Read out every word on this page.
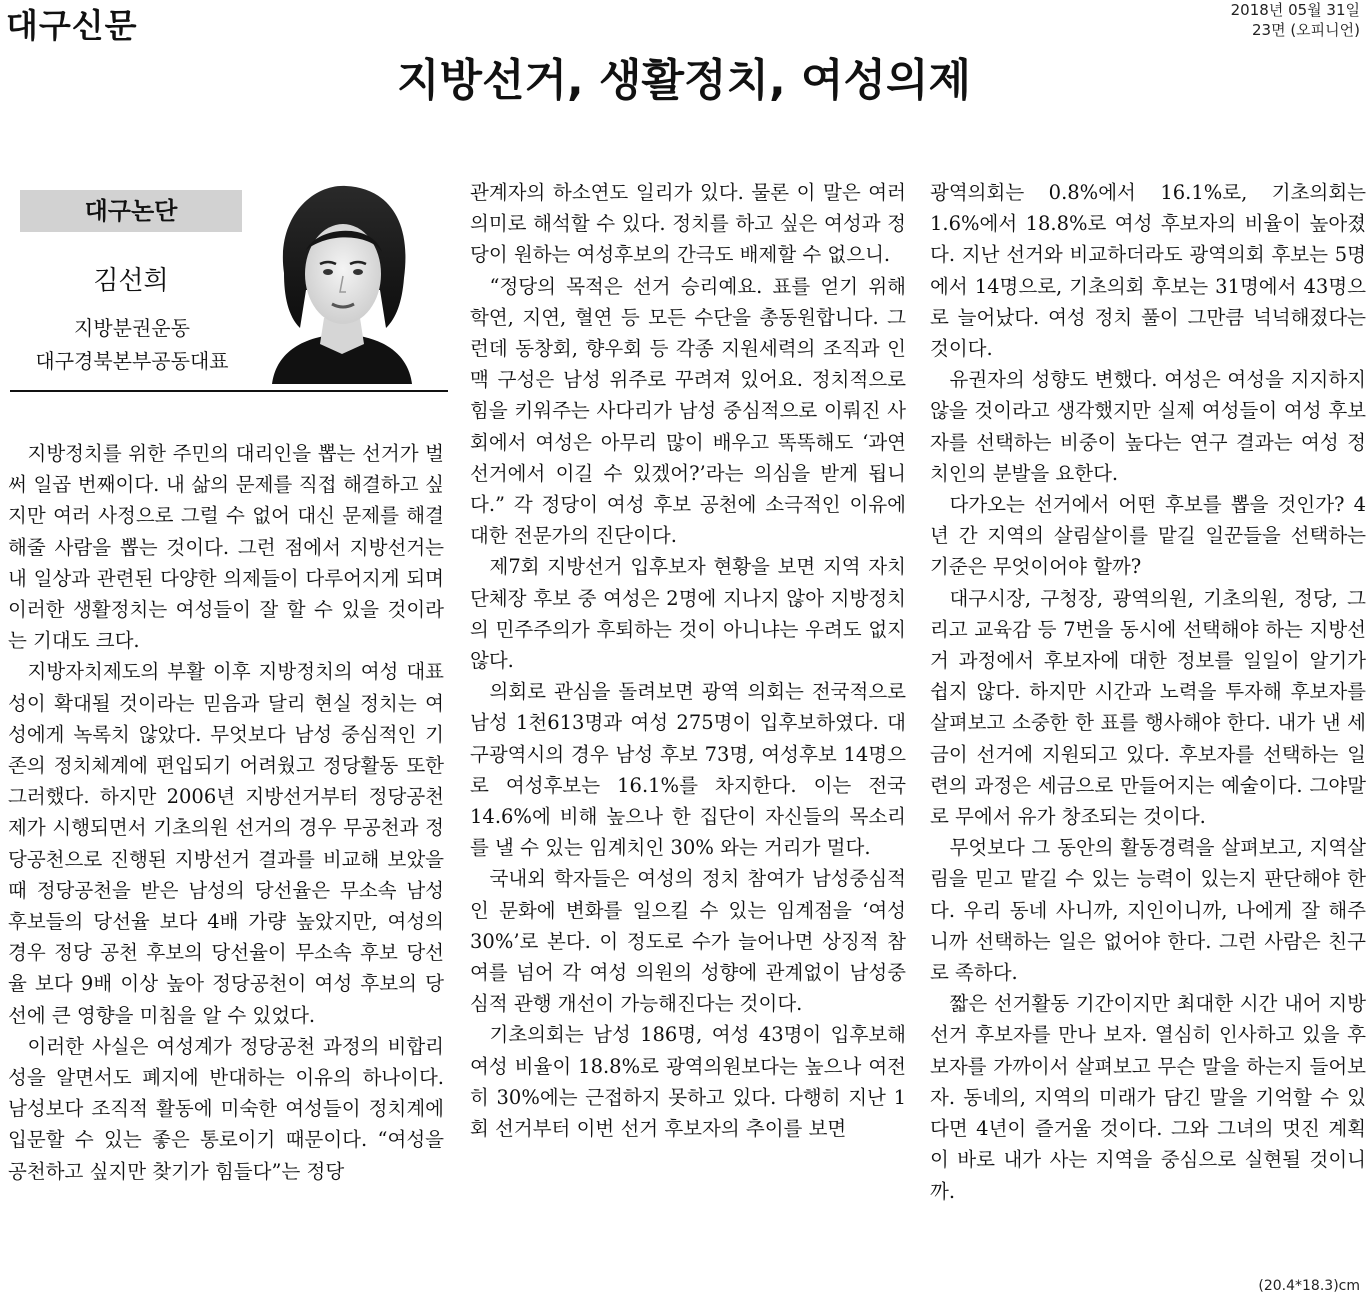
대구신문	2018년 05월 31일
23면 (오피니언)
지방선거, 생활정치, 여성의제
대구논단
김선희
지방분권운동
대구경북본부공동대표

지방정치를 위한 주민의 대리인을 뽑는 선거가 벌써 일곱 번째이다. 내 삶의 문제를 직접 해결하고 싶지만 여러 사정으로 그럴 수 없어 대신 문제를 해결해줄 사람을 뽑는 것이다. 그런 점에서 지방선거는 내 일상과 관련된 다양한 의제들이 다루어지게 되며 이러한 생활정치는 여성들이 잘 할 수 있을 것이라는 기대도 크다.

지방자치제도의 부활 이후 지방정치의 여성 대표성이 확대될 것이라는 믿음과 달리 현실 정치는 여성에게 녹록치 않았다. 무엇보다 남성 중심적인 기존의 정치체계에 편입되기 어려웠고 정당활동 또한 그러했다. 하지만 2006년 지방선거부터 정당공천제가 시행되면서 기초의원 선거의 경우 무공천과 정당공천으로 진행된 지방선거 결과를 비교해 보았을 때 정당공천을 받은 남성의 당선율은 무소속 남성 후보들의 당선율 보다 4배 가량 높았지만, 여성의 경우 정당 공천 후보의 당선율이 무소속 후보 당선율 보다 9배 이상 높아 정당공천이 여성 후보의 당선에 큰 영향을 미침을 알 수 있었다.

이러한 사실은 여성계가 정당공천 과정의 비합리성을 알면서도 폐지에 반대하는 이유의 하나이다. 남성보다 조직적 활동에 미숙한 여성들이 정치계에 입문할 수 있는 좋은 통로이기 때문이다. “여성을 공천하고 싶지만 찾기가 힘들다”는 정당

관계자의 하소연도 일리가 있다. 물론 이 말은 여러 의미로 해석할 수 있다. 정치를 하고 싶은 여성과 정당이 원하는 여성후보의 간극도 배제할 수 없으니.

“정당의 목적은 선거 승리예요. 표를 얻기 위해 학연, 지연, 혈연 등 모든 수단을 총동원합니다. 그런데 동창회, 향우회 등 각종 지원세력의 조직과 인맥 구성은 남성 위주로 꾸려져 있어요. 정치적으로 힘을 키워주는 사다리가 남성 중심적으로 이뤄진 사회에서 여성은 아무리 많이 배우고 똑똑해도 ‘과연 선거에서 이길 수 있겠어?’라는 의심을 받게 됩니다.” 각 정당이 여성 후보 공천에 소극적인 이유에 대한 전문가의 진단이다.

제7회 지방선거 입후보자 현황을 보면 지역 자치단체장 후보 중 여성은 2명에 지나지 않아 지방정치의 민주주의가 후퇴하는 것이 아니냐는 우려도 없지 않다.

의회로 관심을 돌려보면 광역 의회는 전국적으로 남성 1천613명과 여성 275명이 입후보하였다. 대구광역시의 경우 남성 후보 73명, 여성후보 14명으로 여성후보는 16.1%를 차지한다. 이는 전국 14.6%에 비해 높으나 한 집단이 자신들의 목소리를 낼 수 있는 임계치인 30% 와는 거리가 멀다.

국내외 학자들은 여성의 정치 참여가 남성중심적인 문화에 변화를 일으킬 수 있는 임계점을 ‘여성 30%’로 본다. 이 정도로 수가 늘어나면 상징적 참여를 넘어 각 여성 의원의 성향에 관계없이 남성중심적 관행 개선이 가능해진다는 것이다.

기초의회는 남성 186명, 여성 43명이 입후보해 여성 비율이 18.8%로 광역의원보다는 높으나 여전히 30%에는 근접하지 못하고 있다. 다행히 지난 1회 선거부터 이번 선거 후보자의 추이를 보면

광역의회는 0.8%에서 16.1%로, 기초의회는 1.6%에서 18.8%로 여성 후보자의 비율이 높아졌다. 지난 선거와 비교하더라도 광역의회 후보는 5명에서 14명으로, 기초의회 후보는 31명에서 43명으로 늘어났다. 여성 정치 풀이 그만큼 넉넉해졌다는 것이다.

유권자의 성향도 변했다. 여성은 여성을 지지하지 않을 것이라고 생각했지만 실제 여성들이 여성 후보자를 선택하는 비중이 높다는 연구 결과는 여성 정치인의 분발을 요한다.

다가오는 선거에서 어떤 후보를 뽑을 것인가? 4년 간 지역의 살림살이를 맡길 일꾼들을 선택하는 기준은 무엇이어야 할까?

대구시장, 구청장, 광역의원, 기초의원, 정당, 그리고 교육감 등 7번을 동시에 선택해야 하는 지방선거 과정에서 후보자에 대한 정보를 일일이 알기가 쉽지 않다. 하지만 시간과 노력을 투자해 후보자를 살펴보고 소중한 한 표를 행사해야 한다. 내가 낸 세금이 선거에 지원되고 있다. 후보자를 선택하는 일련의 과정은 세금으로 만들어지는 예술이다. 그야말로 무에서 유가 창조되는 것이다.

무엇보다 그 동안의 활동경력을 살펴보고, 지역살림을 믿고 맡길 수 있는 능력이 있는지 판단해야 한다. 우리 동네 사니까, 지인이니까, 나에게 잘 해주니까 선택하는 일은 없어야 한다. 그런 사람은 친구로 족하다.

짧은 선거활동 기간이지만 최대한 시간 내어 지방선거 후보자를 만나 보자. 열심히 인사하고 있을 후보자를 가까이서 살펴보고 무슨 말을 하는지 들어보자. 동네의, 지역의 미래가 담긴 말을 기억할 수 있다면 4년이 즐거울 것이다. 그와 그녀의 멋진 계획이 바로 내가 사는 지역을 중심으로 실현될 것이니까.

(20.4*18.3)cm
